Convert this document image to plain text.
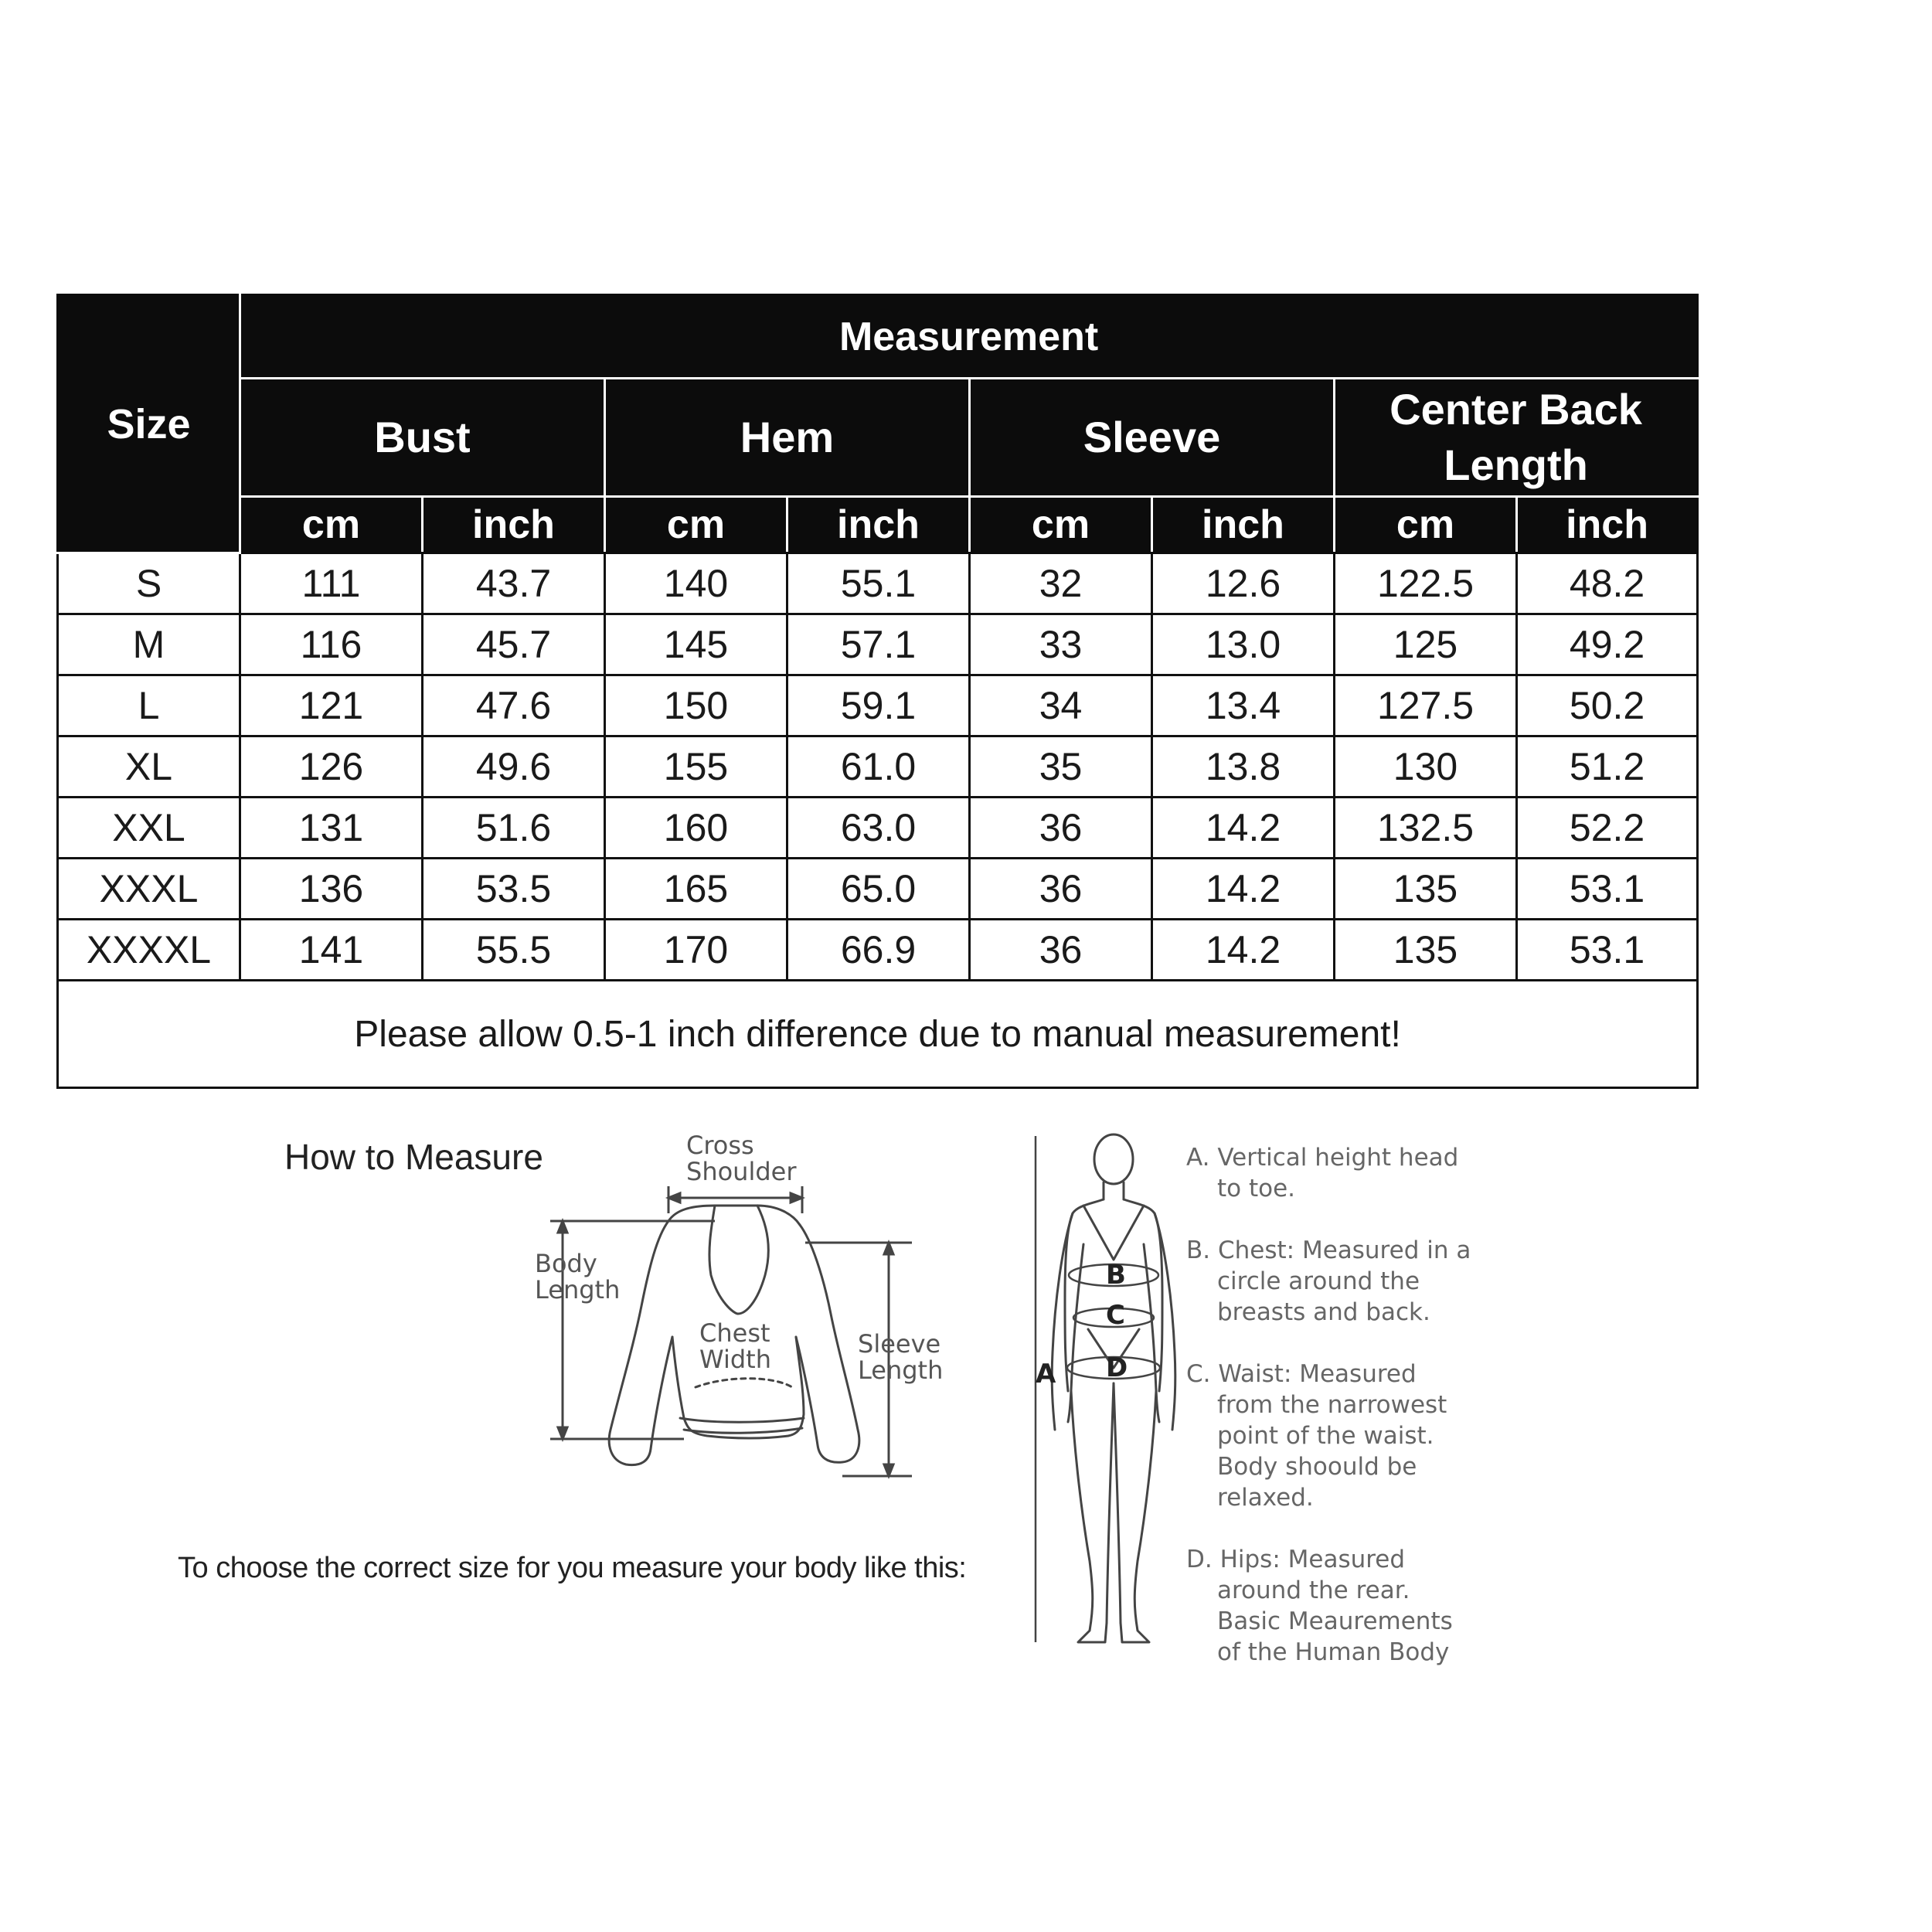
Size	Measurement							
	Bust		Hem		Sleeve		Center Back Length	
	cm	inch	cm	inch	cm	inch	cm	inch
S	111	43.7	140	55.1	32	12.6	122.5	48.2
M	116	45.7	145	57.1	33	13.0	125	49.2
L	121	47.6	150	59.1	34	13.4	127.5	50.2
XL	126	49.6	155	61.0	35	13.8	130	51.2
XXL	131	51.6	160	63.0	36	14.2	132.5	52.2
XXXL	136	53.5	165	65.0	36	14.2	135	53.1
XXXXL	141	55.5	170	66.9	36	14.2	135	53.1
Please allow 0.5-1 inch difference due to manual measurement!								
How to Measure
To choose the correct size for you measure your body like this:
Cross
Shoulder
Body
Length
Chest
Width
Sleeve
Length	A
B
C
D
A. Vertical height head
to toe.
B. Chest: Measured in a
circle around the
breasts and back.
C. Waist: Measured
from the narrowest
point of the waist.
Body shoould be
relaxed.
D. Hips: Measured
around the rear.
Basic Meaurements
of the Human Body
